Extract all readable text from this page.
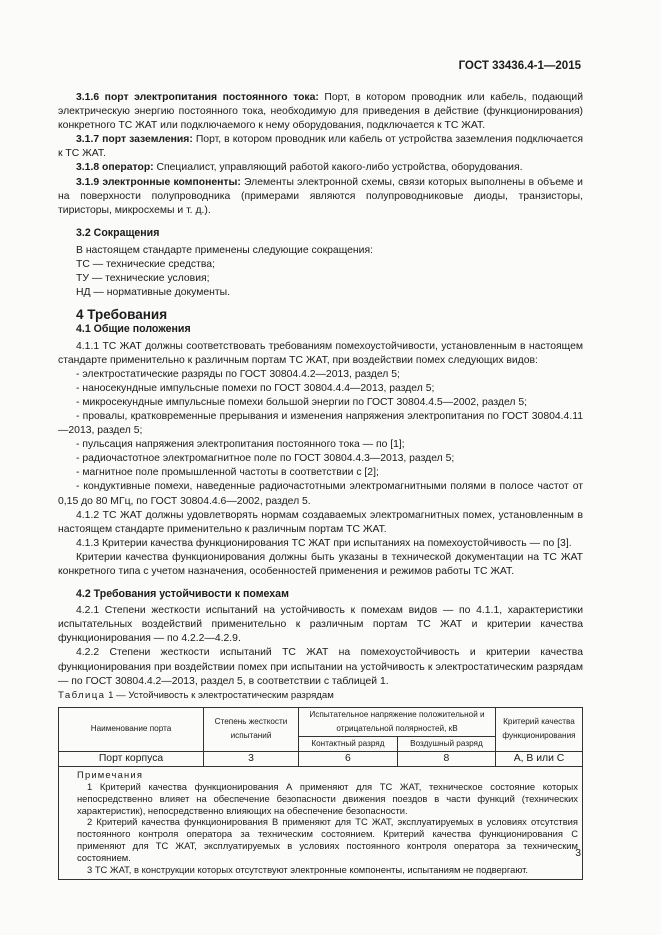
ГОСТ 33436.4-1—2015

3.1.6 порт электропитания постоянного тока: Порт, в котором проводник или кабель, подающий электрическую энергию постоянного тока, необходимую для приведения в действие (функционирования) конкретного ТС ЖАТ или подключаемого к нему оборудования, подключается к ТС ЖАТ.

3.1.7 порт заземления: Порт, в котором проводник или кабель от устройства заземления подключается к ТС ЖАТ.

3.1.8 оператор: Специалист, управляющий работой какого-либо устройства, оборудования.

3.1.9 электронные компоненты: Элементы электронной схемы, связи которых выполнены в объеме и на поверхности полупроводника (примерами являются полупроводниковые диоды, транзисторы, тиристоры, микросхемы и т. д.).

3.2 Сокращения

В настоящем стандарте применены следующие сокращения:

ТС — технические средства;

ТУ — технические условия;

НД — нормативные документы.

4 Требования

4.1 Общие положения

4.1.1 ТС ЖАТ должны соответствовать требованиям помехоустойчивости, установленным в настоящем стандарте применительно к различным портам ТС ЖАТ, при воздействии помех следующих видов:

- электростатические разряды по ГОСТ 30804.4.2—2013, раздел 5;

- наносекундные импульсные помехи по ГОСТ 30804.4.4—2013, раздел 5;

- микросекундные импульсные помехи большой энергии по ГОСТ 30804.4.5—2002, раздел 5;

- провалы, кратковременные прерывания и изменения напряжения электропитания по ГОСТ 30804.4.11—2013, раздел 5;

- пульсация напряжения электропитания постоянного тока — по [1];

- радиочастотное электромагнитное поле по ГОСТ 30804.4.3—2013, раздел 5;

- магнитное поле промышленной частоты в соответствии с [2];

- кондуктивные помехи, наведенные радиочастотными электромагнитными полями в полосе частот от 0,15 до 80 МГц, по ГОСТ 30804.4.6—2002, раздел 5.

4.1.2 ТС ЖАТ должны удовлетворять нормам создаваемых электромагнитных помех, установленным в настоящем стандарте применительно к различным портам ТС ЖАТ.

4.1.3 Критерии качества функционирования ТС ЖАТ при испытаниях на помехоустойчивость — по [3].

Критерии качества функционирования должны быть указаны в технической документации на ТС ЖАТ конкретного типа с учетом назначения, особенностей применения и режимов работы ТС ЖАТ.

4.2 Требования устойчивости к помехам

4.2.1 Степени жесткости испытаний на устойчивость к помехам видов — по 4.1.1, характеристики испытательных воздействий применительно к различным портам ТС ЖАТ и критерии качества функционирования — по 4.2.2—4.2.9.

4.2.2 Степени жесткости испытаний ТС ЖАТ на помехоустойчивость и критерии качества функционирования при воздействии помех при испытании на устойчивость к электростатическим разрядам — по ГОСТ 30804.4.2—2013, раздел 5, в соответствии с таблицей 1.

Таблица 1 — Устойчивость к электростатическим разрядам

Наименование порта	Степень жесткости испытаний	Испытательное напряжение положительной и отрицательной полярностей, кВ		Критерий качества функционирования
		Контактный разряд	Воздушный разряд	
Порт корпуса	3	6	8	А, В или С
Примечания

1 Критерий качества функционирования А применяют для ТС ЖАТ, техническое состояние которых непосредственно влияет на обеспечение безопасности движения поездов в части функций (технических характеристик), непосредственно влияющих на обеспечение безопасности.

2 Критерий качества функционирования В применяют для ТС ЖАТ, эксплуатируемых в условиях отсутствия постоянного контроля оператора за техническим состоянием. Критерий качества функционирования С применяют для ТС ЖАТ, эксплуатируемых в условиях постоянного контроля оператора за техническим состоянием.

3 ТС ЖАТ, в конструкции которых отсутствуют электронные компоненты, испытаниям не подвергают.

3
